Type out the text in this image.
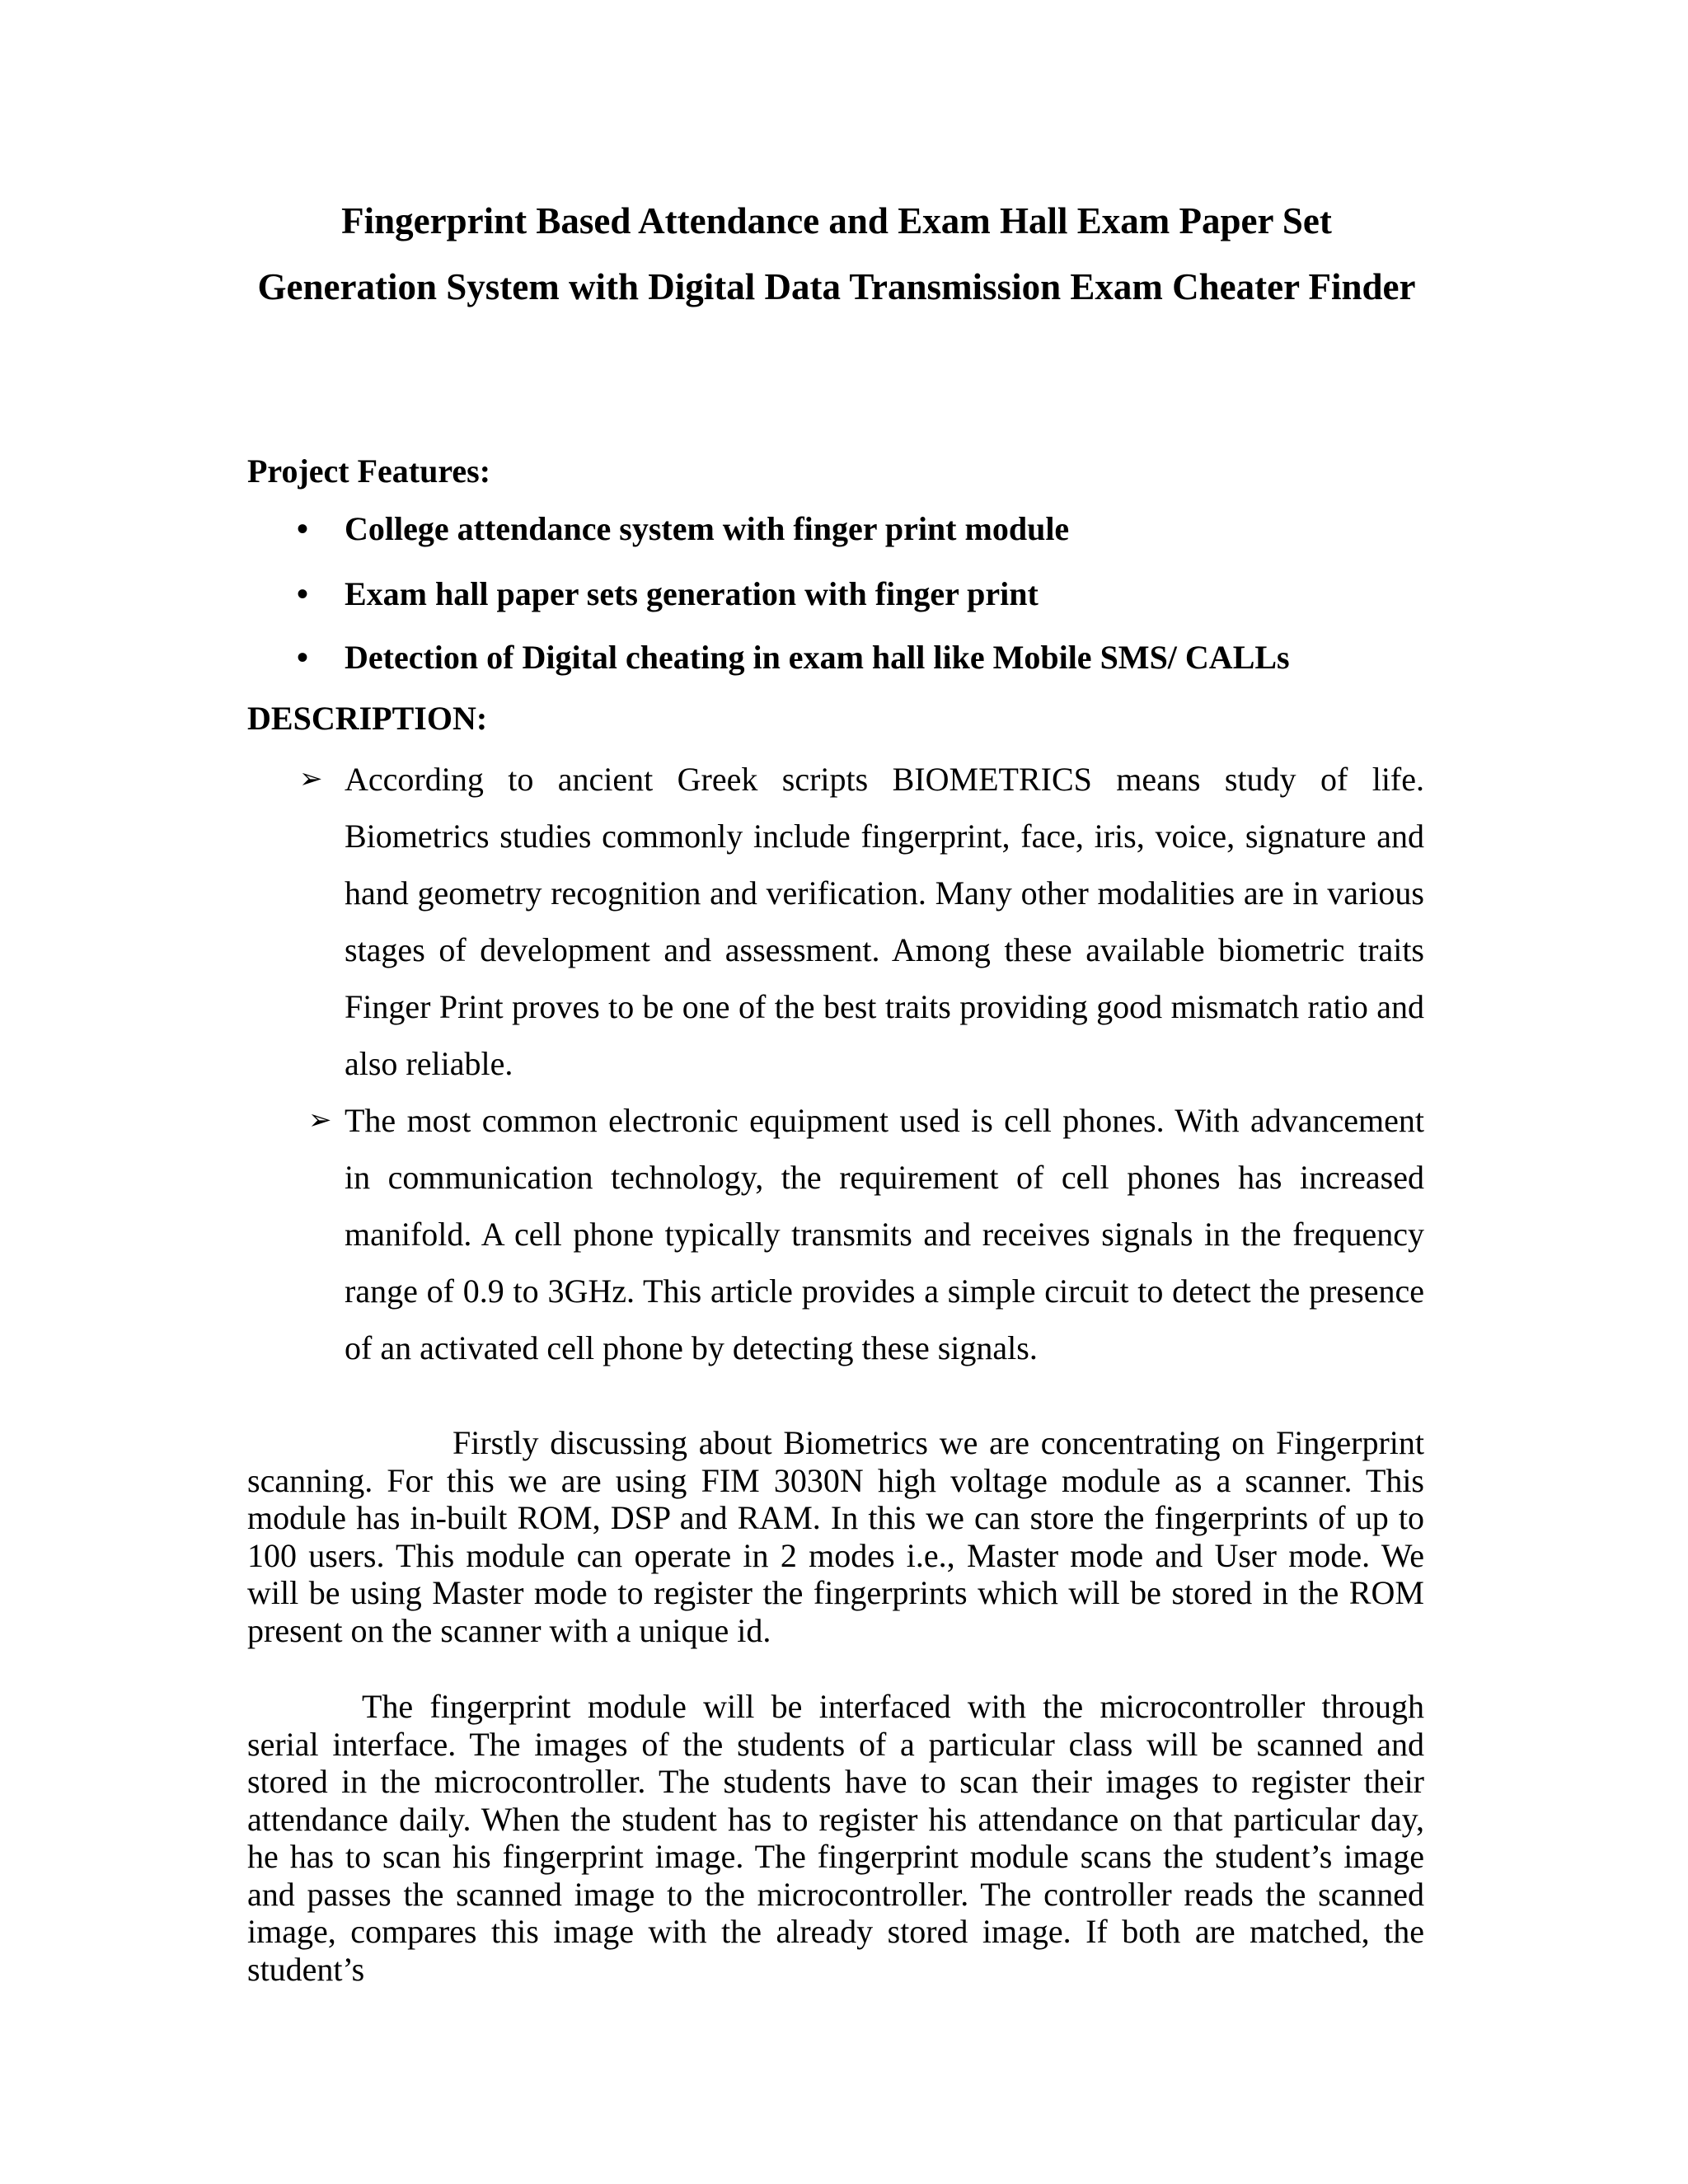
Fingerprint Based Attendance and Exam Hall Exam Paper Set Generation System with Digital Data Transmission Exam Cheater Finder
Project Features:
• College attendance system with finger print module
• Exam hall paper sets generation with finger print
• Detection of Digital cheating in exam hall like Mobile SMS/ CALLs
DESCRIPTION:
➢ According to ancient Greek scripts BIOMETRICS means study of life. Biometrics studies commonly include fingerprint, face, iris, voice, signature and hand geometry recognition and verification. Many other modalities are in various stages of development and assessment. Among these available biometric traits Finger Print proves to be one of the best traits providing good mismatch ratio and also reliable.
➢ The most common electronic equipment used is cell phones. With advancement in communication technology, the requirement of cell phones has increased manifold. A cell phone typically transmits and receives signals in the frequency range of 0.9 to 3GHz. This article provides a simple circuit to detect the presence of an activated cell phone by detecting these signals.
Firstly discussing about Biometrics we are concentrating on Fingerprint scanning. For this we are using FIM 3030N high voltage module as a scanner. This module has in-built ROM, DSP and RAM. In this we can store the fingerprints of up to 100 users. This module can operate in 2 modes i.e., Master mode and User mode. We will be using Master mode to register the fingerprints which will be stored in the ROM present on the scanner with a unique id.
The fingerprint module will be interfaced with the microcontroller through serial interface. The images of the students of a particular class will be scanned and stored in the microcontroller. The students have to scan their images to register their attendance daily. When the student has to register his attendance on that particular day, he has to scan his fingerprint image. The fingerprint module scans the student’s image and passes the scanned image to the microcontroller. The controller reads the scanned image, compares this image with the already stored image. If both are matched, the student’s
